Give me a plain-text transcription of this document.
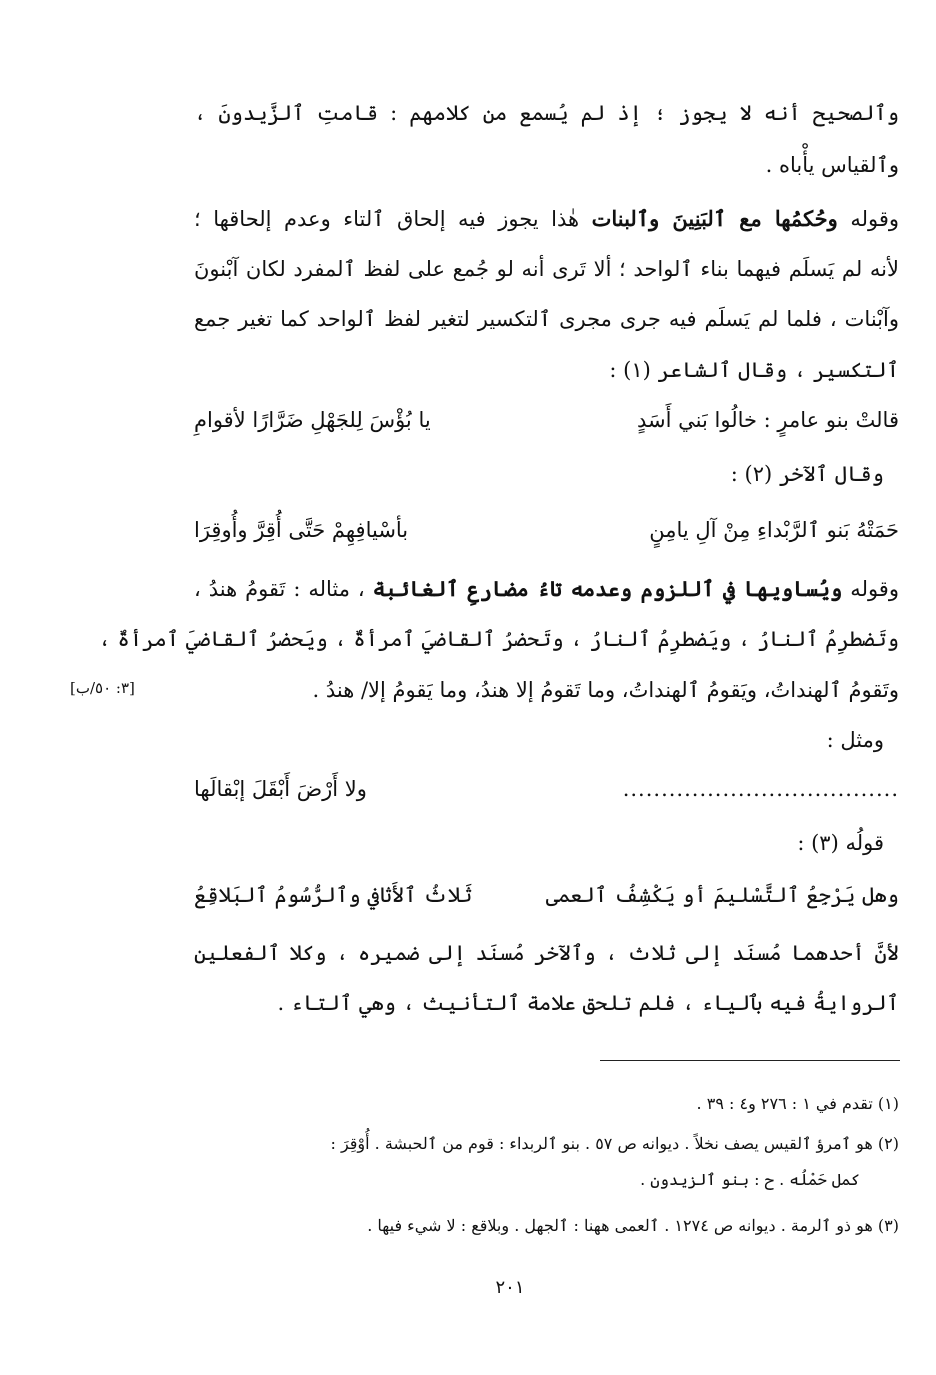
وٱلصحيح أنه لا يجوز ؛ إذ لم يُسمع من كلامهم : قامتِ ٱلزَّيدونَ ،
وٱلقياس يأْباه .
وقوله وحُكمُها مع ٱلبَنِينَ وٱلبنات هٰذا يجوز فيه إلحاق ٱلتاء وعدم إلحاقها ؛
لأنه لم يَسلَم فيهما بناء ٱلواحد ؛ ألا تَرى أنه لو جُمع على لفظ ٱلمفرد لكان آبْنونَ
وآبْنات ، فلما لم يَسلَم فيه جرى مجرى ٱلتكسير لتغير لفظ ٱلواحد كما تغير جمع
ٱلتكسير ، وقال ٱلشاعر (١) :
قالتْ بنو عامرٍ : خالُوا بَني أَسَدٍ
يا بُؤْسَ لِلجَهْلِ ضَرَّارًا لأقوامِ
وقال ٱلآخر (٢) :
حَمَتْهُ بَنو ٱلرَّبْداءِ مِنْ آلِ يامِنٍ
بأسْيافِهِمْ حَتَّى أُقِرَّ وأُوقِرَا
وقوله ويُساويها في ٱللزوم وعدمه تاءُ مضارعِ ٱلغائبة ، مثاله : تَقومُ هندُ ،
وتَضطرِمُ ٱلنارُ ، ويَضطرِمُ ٱلنارُ ، وتَحضرُ ٱلقاضيَ ٱمرأةٌ ، ويَحضرُ ٱلقاضيَ ٱمرأةٌ ،
وتَقومُ ٱلهنداتُ، ويَقومُ ٱلهنداتُ، وما تَقومُ إلا هندُ، وما يَقومُ إلا/ هندُ .
[٣: ٥٠/ب]
ومثل :
....................................
ولا أَرْضَ أَبْقَلَ إبْقالَها
قولُه (٣) :
وهل يَرْجِعُ ٱلتَّسْليمَ أو يَكْشِفُ ٱلعمى
ثَلاثُ ٱلأَثافي وٱلرُّسُومُ ٱلبَلاقِعُ
لأنَّ أحدهما مُسنَد إلى ثلاث ، وٱلآخر مُسنَد إلى ضميره ، وكلا ٱلفعلين
ٱلروايةُ فيه بٱلياء ، فلم تلحق علامة ٱلتأنيث ، وهي ٱلتاء .
(١) تقدم في ١ : ٢٧٦ و٤ : ٣٩ .
(٢) هو ٱمرؤ ٱلقيس يصف نخلاً . ديوانه ص ٥٧ . بنو ٱلربداء : قوم من ٱلحبشة . أُوْقِرَ :
كمل حَمْلُه . ح : بنو ٱلزيدون .
(٣) هو ذو ٱلرمة . ديوانه ص ١٢٧٤ . ٱلعمى ههنا : ٱلجهل . وبلاقع : لا شيء فيها .
٢٠١
